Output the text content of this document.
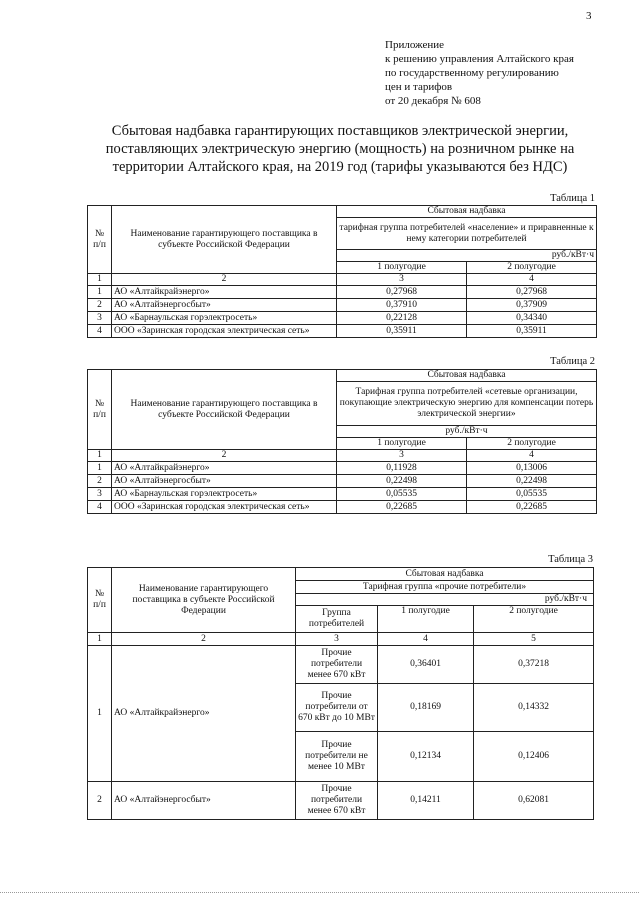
3
Приложение
к решению управления Алтайского края
по государственному регулированию
цен и тарифов
от 20 декабря № 608
Сбытовая надбавка гарантирующих поставщиков электрической энергии,
поставляющих электрическую энергию (мощность) на розничном рынке на
территории Алтайского края, на 2019 год (тарифы указываются без НДС)
Таблица 1
№ п/п	Наименование гарантирующего поставщика в субъекте Российской Федерации	Сбытовая надбавка	
		тарифная группа потребителей «население» и приравненные к нему категории потребителей	
		руб./кВт·ч	
		1 полугодие	2 полугодие
1	2	3	4
1	АО «Алтайкрайэнерго»	0,27968	0,27968
2	АО «Алтайэнергосбыт»	0,37910	0,37909
3	АО «Барнаульская горэлектросеть»	0,22128	0,34340
4	ООО «Заринская городская электрическая сеть»	0,35911	0,35911
Таблица 2
№ п/п	Наименование гарантирующего поставщика в субъекте Российской Федерации	Сбытовая надбавка	
		Тарифная группа потребителей «сетевые организации, покупающие электрическую энергию для компенсации потерь электрической энергии»	
		руб./кВт·ч	
		1 полугодие	2 полугодие
1	2	3	4
1	АО «Алтайкрайэнерго»	0,11928	0,13006
2	АО «Алтайэнергосбыт»	0,22498	0,22498
3	АО «Барнаульская горэлектросеть»	0,05535	0,05535
4	ООО «Заринская городская электрическая сеть»	0,22685	0,22685
Таблица 3
№ п/п	Наименование гарантирующего поставщика в субъекте Российской Федерации	Сбытовая надбавка		
		Тарифная группа «прочие потребители»		
		руб./кВт·ч		
		Группа потребителей	1 полугодие	2 полугодие
1	2	3	4	5
1	АО «Алтайкрайэнерго»	Прочие потребители менее 670 кВт	0,36401	0,37218
		Прочие потребители от 670 кВт до 10 МВт	0,18169	0,14332
		Прочие потребители не менее 10 МВт	0,12134	0,12406
2	АО «Алтайэнергосбыт»	Прочие потребители менее 670 кВт	0,14211	0,62081
